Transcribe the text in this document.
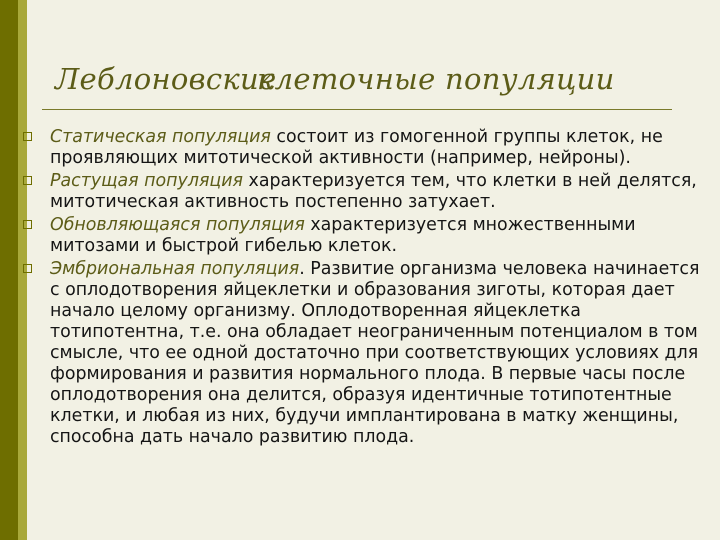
Леблоновские
клеточные популяции
Статическая популяция состоит из гомогенной группы клеток, не проявляющих митотической активности (например, нейроны).
Растущая популяция характеризуется тем, что клетки в ней делятся, митотическая активность постепенно затухает.
Обновляющаяся популяция характеризуется множественными митозами и быстрой гибелью клеток.
Эмбриональная популяция. Развитие организма человека начинается с оплодотворения яйцеклетки и образования зиготы, которая дает начало целому организму. Оплодотворенная яйцеклетка тотипотентна, т.е. она обладает неограниченным потенциалом в том смысле, что ее одной достаточно при соответствующих условиях для формирования и развития нормального плода. В первые часы после оплодотворения она делится, образуя идентичные тотипотентные клетки, и любая из них, будучи имплантирована в матку женщины, способна дать начало развитию плода.
